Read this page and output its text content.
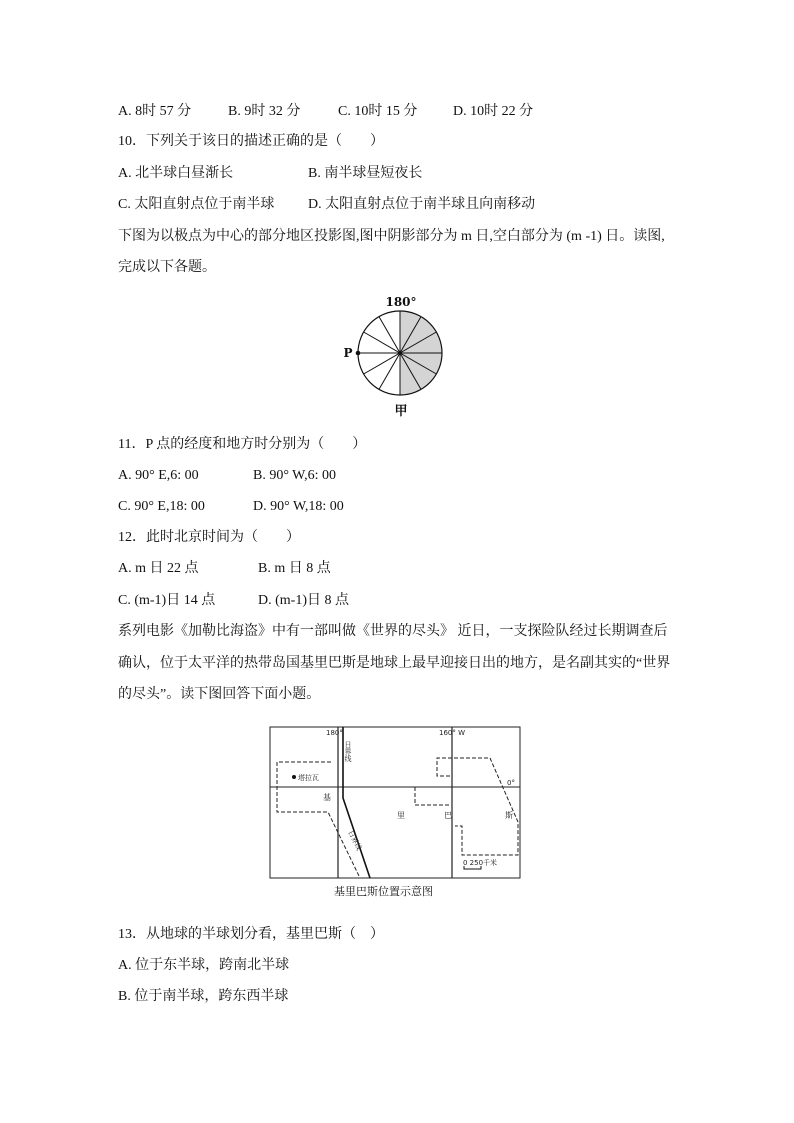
A. 8时 57 分	B. 9时 32 分	C. 10时 15 分	D. 10时 22 分
10．下列关于该日的描述正确的是（　　）
A. 北半球白昼渐长	B. 南半球昼短夜长
C. 太阳直射点位于南半球 D. 太阳直射点位于南半球且向南移动
下图为以极点为中心的部分地区投影图,图中阴影部分为 m 日,空白部分为 (m -1) 日。读图,
完成以下各题。
180°
P
甲
11．P 点的经度和地方时分别为（　　）
A. 90° E,6: 00	B. 90° W,6: 00
C. 90° E,18: 00	D. 90° W,18: 00
12．此时北京时间为（　　）
A. m 日 22 点	B. m 日 8 点
C. (m-1)日 14 点	D. (m-1)日 8 点
系列电影《加勒比海盗》中有一部叫做《世界的尽头》 近日，一支探险队经过长期调查后
确认，位于太平洋的热带岛国基里巴斯是地球上最早迎接日出的地方，是名副其实的“世界
的尽头”。读下图回答下面小题。
180°	160° W
0°
日界线
日界线
塔拉瓦
基
里	巴	斯
0 250千米
基里巴斯位置示意图
13．从地球的半球划分看，基里巴斯（　）
A. 位于东半球，跨南北半球
B. 位于南半球，跨东西半球
